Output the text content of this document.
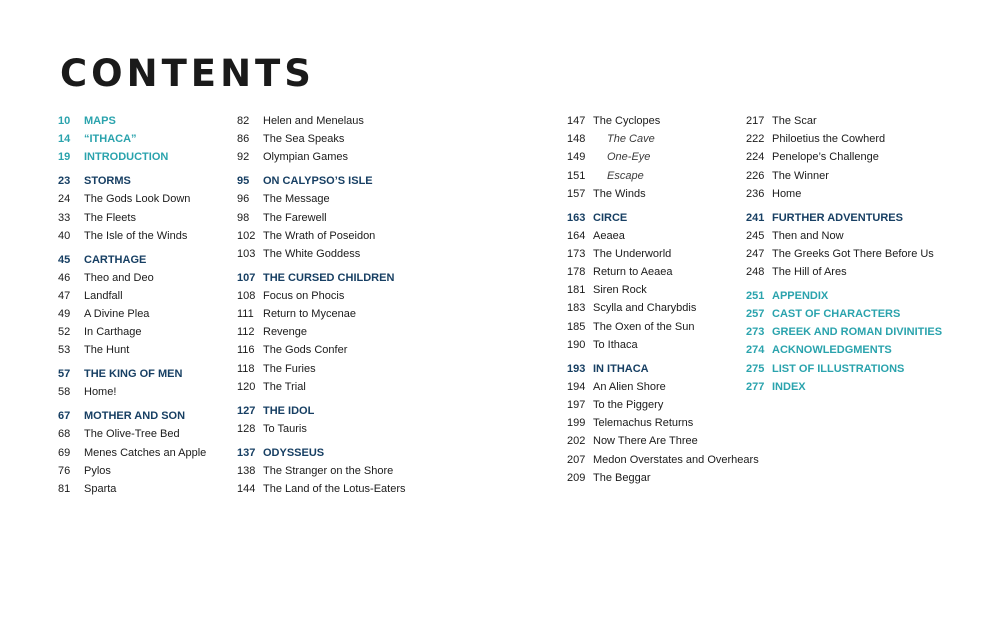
CONTENTS
10 MAPS
14 “ITHACA”
19 INTRODUCTION
23 STORMS
24 The Gods Look Down
33 The Fleets
40 The Isle of the Winds
45 CARTHAGE
46 Theo and Deo
47 Landfall
49 A Divine Plea
52 In Carthage
53 The Hunt
57 THE KING OF MEN
58 Home!
67 MOTHER AND SON
68 The Olive-Tree Bed
69 Menes Catches an Apple
76 Pylos
81 Sparta
82 Helen and Menelaus
86 The Sea Speaks
92 Olympian Games
95 ON CALYPSO’S ISLE
96 The Message
98 The Farewell
102 The Wrath of Poseidon
103 The White Goddess
107 THE CURSED CHILDREN
108 Focus on Phocis
111 Return to Mycenae
112 Revenge
116 The Gods Confer
118 The Furies
120 The Trial
127 THE IDOL
128 To Tauris
137 ODYSSEUS
138 The Stranger on the Shore
144 The Land of the Lotus-Eaters
147 The Cyclopes
148 The Cave
149 One-Eye
151 Escape
157 The Winds
163 CIRCE
164 Aeaea
173 The Underworld
178 Return to Aeaea
181 Siren Rock
183 Scylla and Charybdis
185 The Oxen of the Sun
190 To Ithaca
193 IN ITHACA
194 An Alien Shore
197 To the Piggery
199 Telemachus Returns
202 Now There Are Three
207 Medon Overstates and Overhears
209 The Beggar
217 The Scar
222 Philoetius the Cowherd
224 Penelope’s Challenge
226 The Winner
236 Home
241 FURTHER ADVENTURES
245 Then and Now
247 The Greeks Got There Before Us
248 The Hill of Ares
251 APPENDIX
257 CAST OF CHARACTERS
273 GREEK AND ROMAN DIVINITIES
274 ACKNOWLEDGMENTS
275 LIST OF ILLUSTRATIONS
277 INDEX
